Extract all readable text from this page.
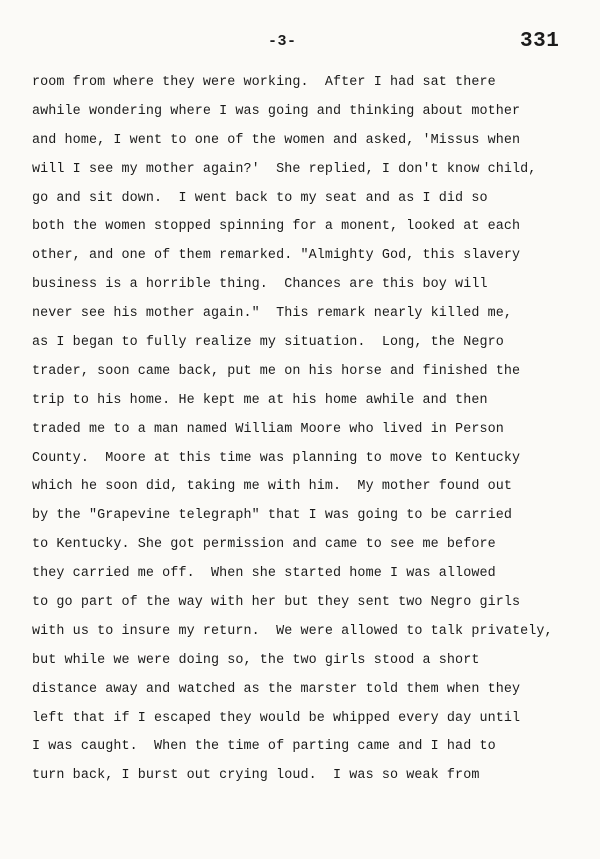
-3-	331
room from where they were working.  After I had sat there
awhile wondering where I was going and thinking about mother
and home, I went to one of the women and asked, 'Missus when
will I see my mother again?'  She replied, I don't know child,
go and sit down.  I went back to my seat and as I did so
both the women stopped spinning for a monent, looked at each
other, and one of them remarked. "Almighty God, this slavery
business is a horrible thing.  Chances are this boy will
never see his mother again."  This remark nearly killed me,
as I began to fully realize my situation.  Long, the Negro
trader, soon came back, put me on his horse and finished the
trip to his home. He kept me at his home awhile and then
traded me to a man named William Moore who lived in Person
County.  Moore at this time was planning to move to Kentucky
which he soon did, taking me with him.  My mother found out
by the "Grapevine telegraph" that I was going to be carried
to Kentucky. She got permission and came to see me before
they carried me off.  When she started home I was allowed
to go part of the way with her but they sent two Negro girls
with us to insure my return.  We were allowed to talk privately,
but while we were doing so, the two girls stood a short
distance away and watched as the marster told them when they
left that if I escaped they would be whipped every day until
I was caught.  When the time of parting came and I had to
turn back, I burst out crying loud.  I was so weak from
